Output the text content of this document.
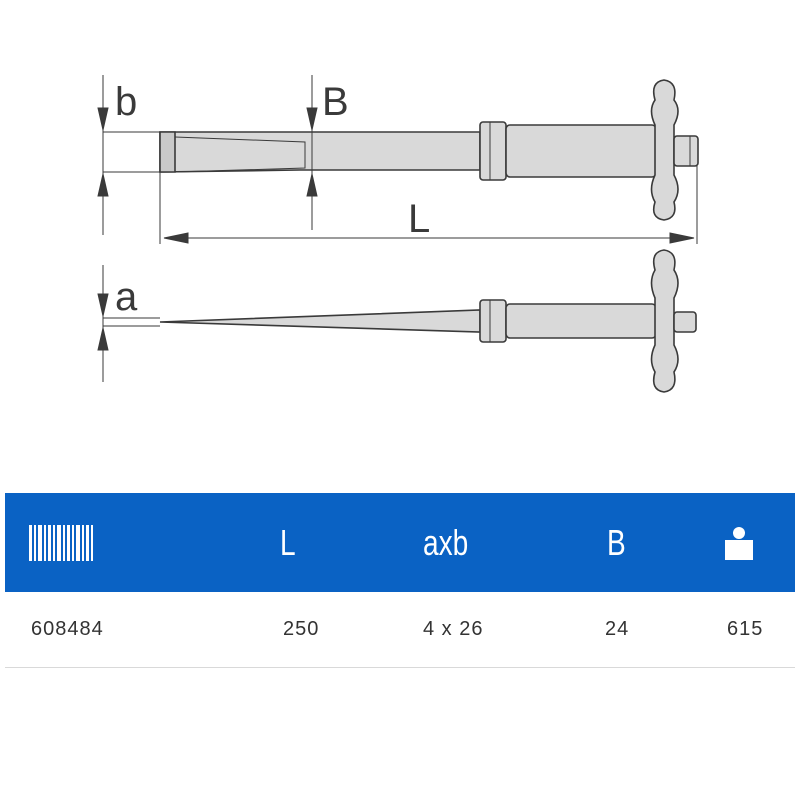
b	B
L
a
L	axb	B
608484	250	4 x 26	24	615
